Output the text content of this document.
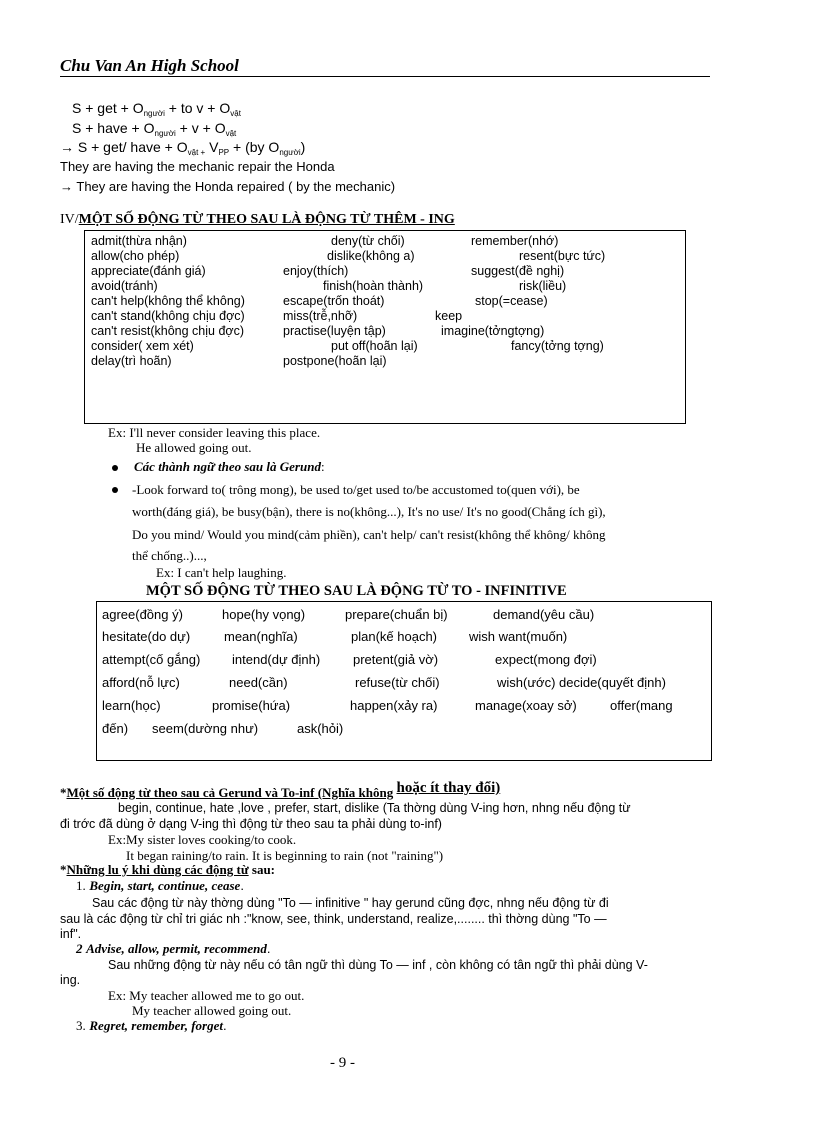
Chu Van An High School
S + get + $O_{người}$ + to $v + O_{vật}$
S + have + $O_{người} + v + O_{vật}$
→ S + get/ have + $O_{vật +}$ $V_{PP} + (by$ $O_{người}$)
They are having the mechanic repair the Honda
→ They are having the Honda repaired ( by the mechanic)
IV/MỘT SỐ ĐỘNG TỪ THEO SAU LÀ ĐỘNG TỪ THÊM - ING
admit(thừa nhận)	deny(từ chối)	remember(nhớ)
allow(cho phép)	dislike(không a)	resent(bực tức)
appreciate(đánh giá)	enjoy(thích)	suggest(đề nghị)
avoid(tránh)	finish(hoàn thành)	risk(liều)
can't help(không thể không)	escape(trốn thoát)	stop(=cease)
can't stand(không chịu đợc)	miss(trễ,nhỡ)	keep
can't resist(không chịu đợc)	practise(luyện tập)	imagine(tởngtợng)
consider( xem xét)	put off(hoãn lại)	fancy(tởng tợng)
delay(trì hoãn)	postpone(hoãn lại)
Ex: I'll never consider leaving this place.
He allowed going out.
Các thành ngữ theo sau là Gerund:
-Look forward to( trông mong), be used to/get used to/be accustomed to(quen với), be
worth(đáng giá), be busy(bận), there is no(không...), It's no use/ It's no good(Chẳng ích gì),
Do you mind/ Would you mind(cảm phiền), can't help/ can't resist(không thể không/ không
thể chống..)...,
Ex: I can't help laughing.
MỘT SỐ ĐỘNG TỪ THEO SAU LÀ ĐỘNG TỪ TO - INFINITIVE
agree(đồng ý)	hope(hy vọng)	prepare(chuẩn bị)	demand(yêu cầu)
hesitate(do dự)	mean(nghĩa)	plan(kế hoạch) wish want(muốn)
attempt(cố gắng) intend(dự định)	pretent(giả vờ)	expect(mong đợi)
afford(nỗ lực)	need(cần)	refuse(từ chối)	wish(ước) decide(quyết định)
learn(học)	promise(hứa)	happen(xảy ra)	manage(xoay sở)	offer(mang
đến) seem(dường như)	ask(hỏi)
*Một số động từ theo sau cả Gerund và To-inf (Nghĩa không hoặc ít thay đổi)
begin, continue, hate ,love , prefer, start, dislike (Ta thờng dùng V-ing hơn, nhng nếu động từ
đi trớc đã dùng ở dạng V-ing thì động từ theo sau ta phải dùng to-inf)
Ex:My sister loves cooking/to cook.
It began raining/to rain. It is beginning to rain (not "raining")
*Những lu ý khi dùng các động từ sau:
1. Begin, start, continue, cease.
Sau các động từ này thờng dùng "To — infinitive " hay gerund cũng đợc, nhng nếu động từ đi
sau là các động từ chỉ tri giác nh :"know, see, think, understand, realize,........ thì thờng dùng "To —
inf".
2 Advise, allow, permit, recommend.
Sau những động từ này nếu có tân ngữ thì dùng To — inf , còn không có tân ngữ thì phải dùng V-
ing.
Ex: My teacher allowed me to go out.
My teacher allowed going out.
3. Regret, remember, forget.
- 9 -
